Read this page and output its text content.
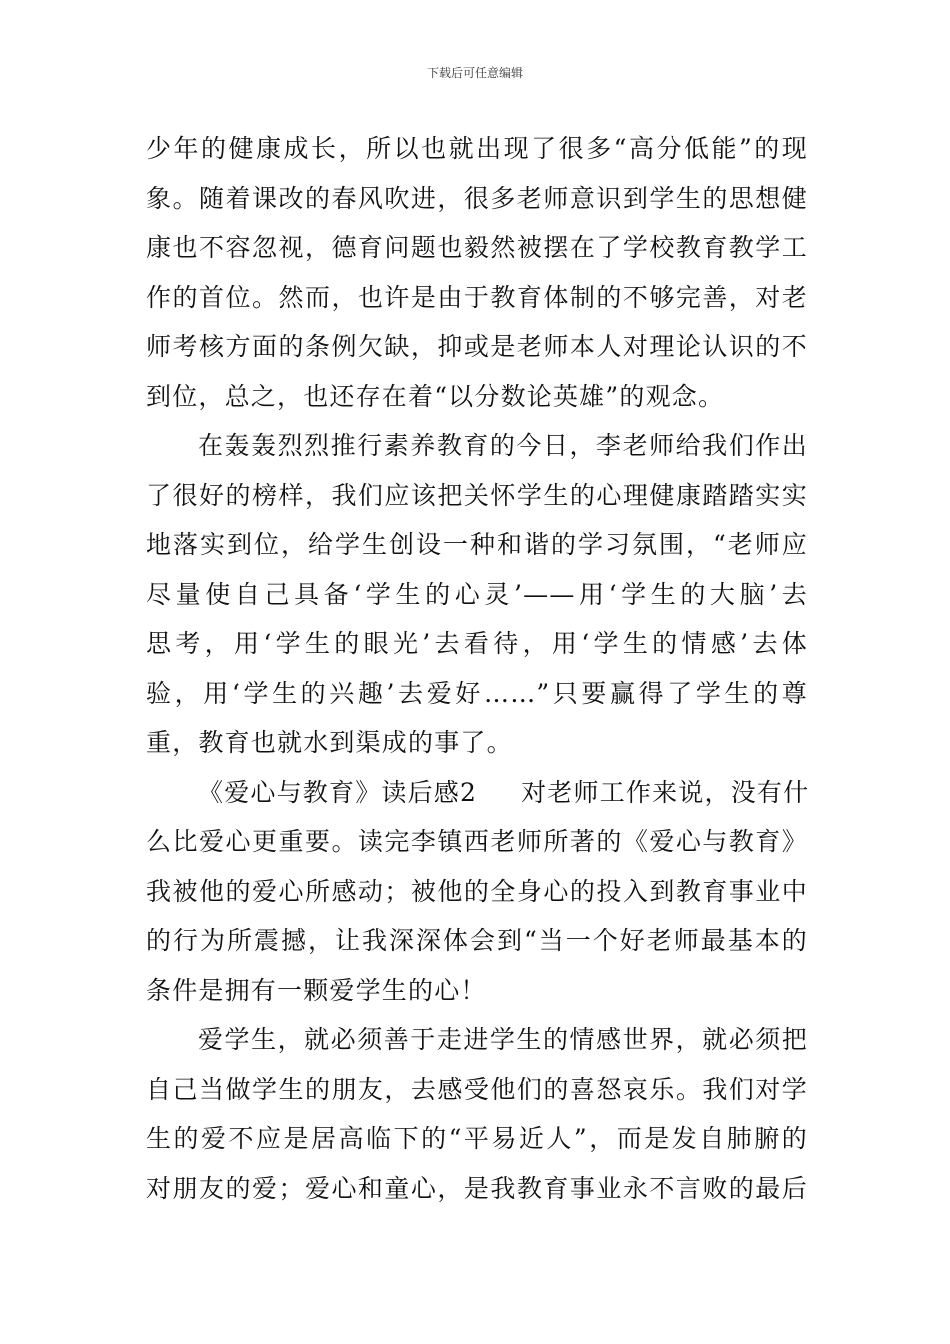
下载后可任意编辑
少年的健康成长，所以也就出现了很多“高分低能”的现
象。随着课改的春风吹进，很多老师意识到学生的思想健
康也不容忽视，德育问题也毅然被摆在了学校教育教学工
作的首位。然而，也许是由于教育体制的不够完善，对老
师考核方面的条例欠缺，抑或是老师本人对理论认识的不
到位，总之，也还存在着“以分数论英雄”的观念。
在轰轰烈烈推行素养教育的今日，李老师给我们作出
了很好的榜样，我们应该把关怀学生的心理健康踏踏实实
地落实到位，给学生创设一种和谐的学习氛围，“老师应
尽量使自己具备‘学生的心灵’——用‘学生的大脑’去
思考，用‘学生的眼光’去看待，用‘学生的情感’去体
验，用‘学生的兴趣’去爱好……”只要赢得了学生的尊
重，教育也就水到渠成的事了。
《爱心与教育》读后感2 对老师工作来说，没有什
么比爱心更重要。读完李镇西老师所著的《爱心与教育》
我被他的爱心所感动；被他的全身心的投入到教育事业中
的行为所震撼，让我深深体会到“当一个好老师最基本的
条件是拥有一颗爱学生的心！
爱学生，就必须善于走进学生的情感世界，就必须把
自己当做学生的朋友，去感受他们的喜怒哀乐。我们对学
生的爱不应是居高临下的“平易近人”，而是发自肺腑的
对朋友的爱；爱心和童心，是我教育事业永不言败的最后
